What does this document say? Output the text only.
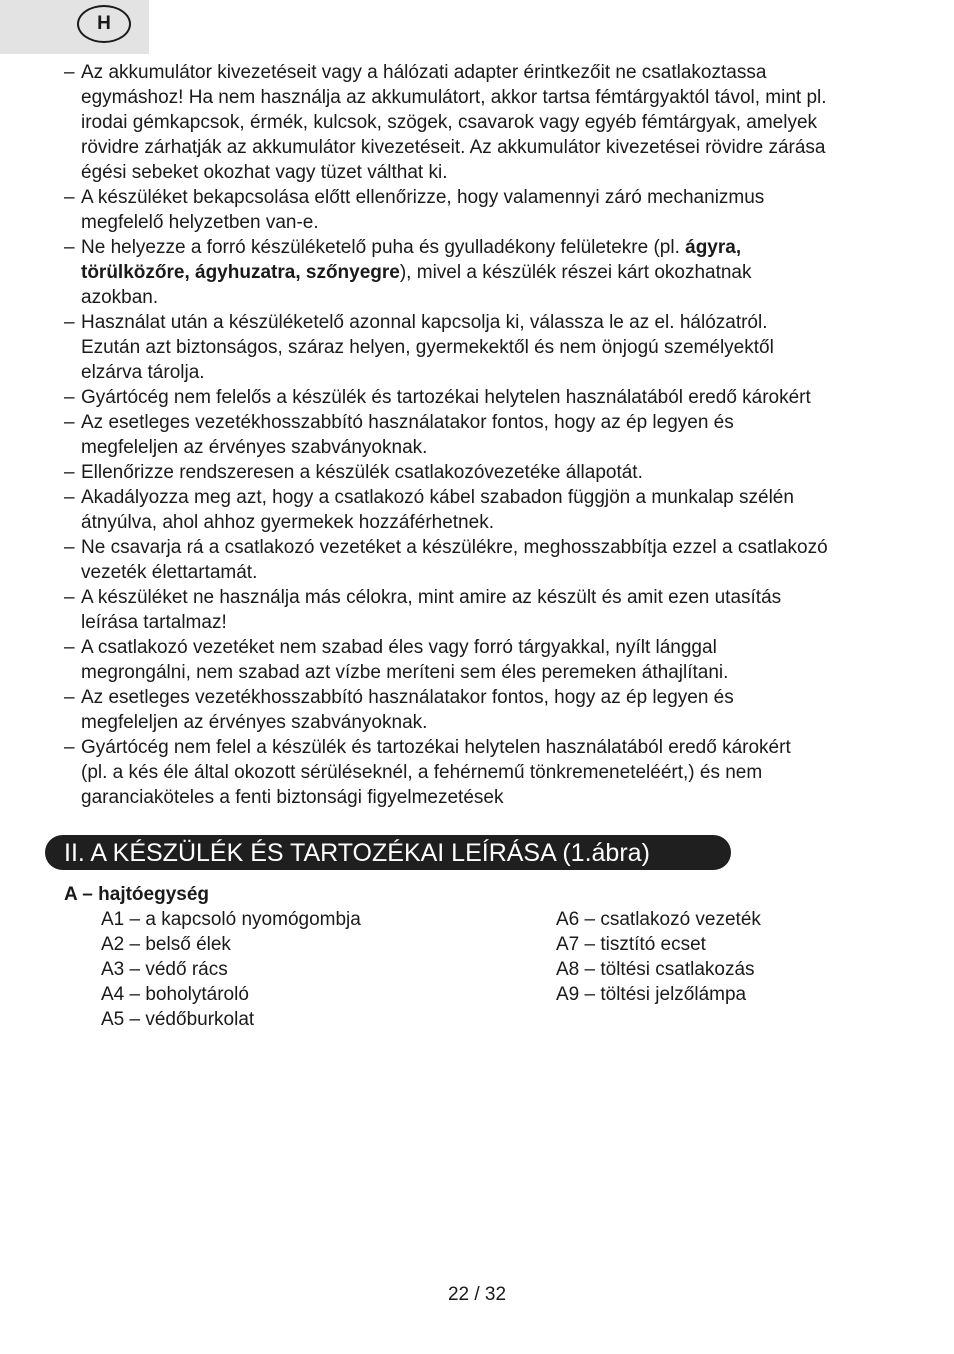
H
– Az akkumulátor kivezetéseit vagy a hálózati adapter érintkezőit ne csatlakoztassa
egymáshoz! Ha nem használja az akkumulátort, akkor tartsa fémtárgyaktól távol, mint pl.
irodai gémkapcsok, érmék, kulcsok, szögek, csavarok vagy egyéb fémtárgyak, amelyek
rövidre zárhatják az akkumulátor kivezetéseit. Az akkumulátor kivezetései rövidre zárása
égési sebeket okozhat vagy tüzet válthat ki.
– A készüléket bekapcsolása előtt ellenőrizze, hogy valamennyi záró mechanizmus
megfelelő helyzetben van-e.
– Ne helyezze a forró készüléketelő puha és gyulladékony felületekre (pl. ágyra,
törülközőre, ágyhuzatra, szőnyegre), mivel a készülék részei kárt okozhatnak
azokban.
– Használat után a készüléketelő azonnal kapcsolja ki, válassza le az el. hálózatról.
Ezután azt biztonságos, száraz helyen, gyermekektől és nem önjogú személyektől
elzárva tárolja.
– Gyártócég nem felelős a készülék és tartozékai helytelen használatából eredő károkért
– Az esetleges vezetékhosszabbító használatakor fontos, hogy az ép legyen és
megfeleljen az érvényes szabványoknak.
– Ellenőrizze rendszeresen a készülék csatlakozóvezetéke állapotát.
– Akadályozza meg azt, hogy a csatlakozó kábel szabadon függjön a munkalap szélén
átnyúlva, ahol ahhoz gyermekek hozzáférhetnek.
– Ne csavarja rá a csatlakozó vezetéket a készülékre, meghosszabbítja ezzel a csatlakozó
vezeték élettartamát.
– A készüléket ne használja más célokra, mint amire az készült és amit ezen utasítás
leírása tartalmaz!
– A csatlakozó vezetéket nem szabad éles vagy forró tárgyakkal, nyílt lánggal
megrongálni, nem szabad azt vízbe meríteni sem éles peremeken áthajlítani.
– Az esetleges vezetékhosszabbító használatakor fontos, hogy az ép legyen és
megfeleljen az érvényes szabványoknak.
– Gyártócég nem felel a készülék és tartozékai helytelen használatából eredő károkért
(pl. a kés éle által okozott sérüléseknél, a fehérnemű tönkremeneteléért,) és nem
garanciaköteles a fenti biztonsági figyelmezetések
II. A KÉSZÜLÉK ÉS TARTOZÉKAI LEÍRÁSA (1.ábra)
A – hajtóegység
A1 – a kapcsoló nyomógombja
A2 – belső élek
A3 – védő rács
A4 – boholytároló
A5 – védőburkolat
A6 – csatlakozó vezeték
A7 – tisztító ecset
A8 – töltési csatlakozás
A9 – töltési jelzőlámpa
22 / 32
